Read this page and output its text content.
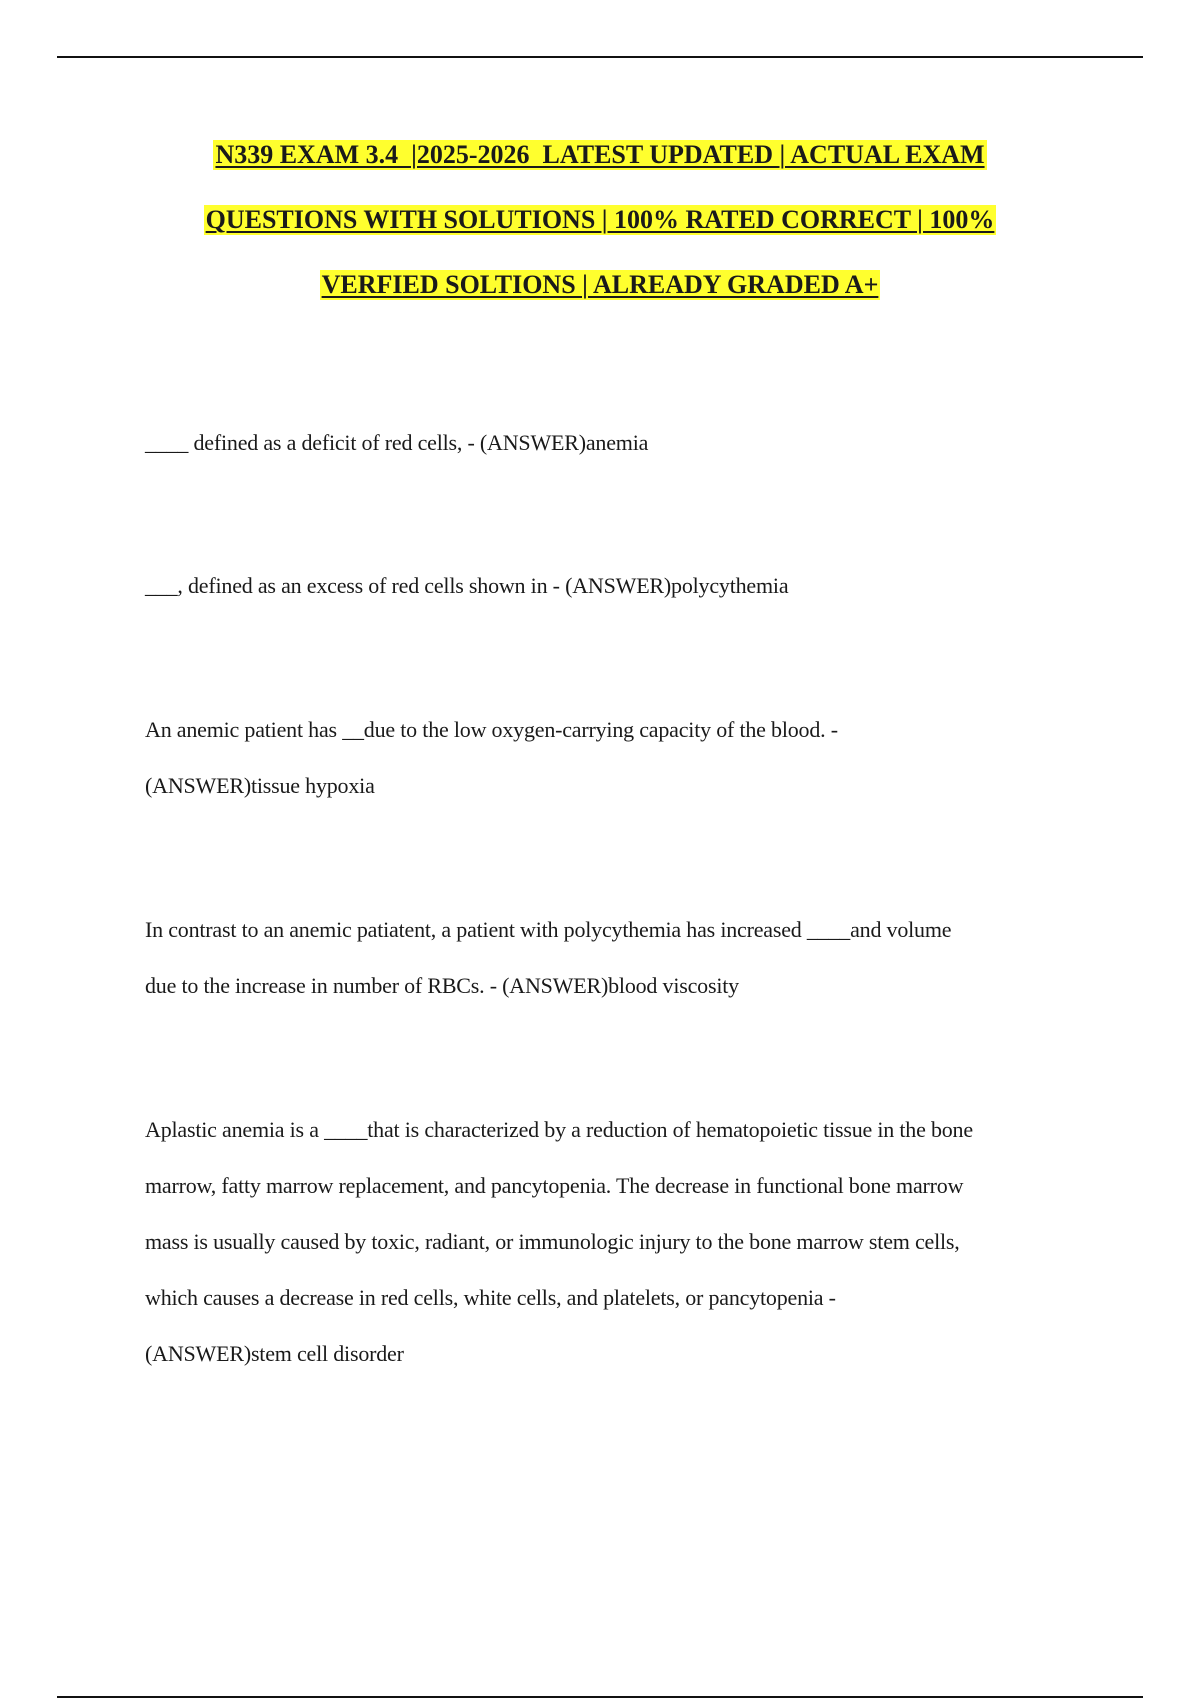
N339 EXAM 3.4  |2025-2026  LATEST UPDATED | ACTUAL EXAM
QUESTIONS WITH SOLUTIONS | 100% RATED CORRECT | 100%
VERFIED SOLTIONS | ALREADY GRADED A+
____ defined as a deficit of red cells, - (ANSWER)anemia
___, defined as an excess of red cells shown in - (ANSWER)polycythemia
An anemic patient has __due to the low oxygen-carrying capacity of the blood. -
(ANSWER)tissue hypoxia
In contrast to an anemic patiatent, a patient with polycythemia has increased ____and volume
due to the increase in number of RBCs. - (ANSWER)blood viscosity
Aplastic anemia is a ____that is characterized by a reduction of hematopoietic tissue in the bone
marrow, fatty marrow replacement, and pancytopenia. The decrease in functional bone marrow
mass is usually caused by toxic, radiant, or immunologic injury to the bone marrow stem cells,
which causes a decrease in red cells, white cells, and platelets, or pancytopenia -
(ANSWER)stem cell disorder
